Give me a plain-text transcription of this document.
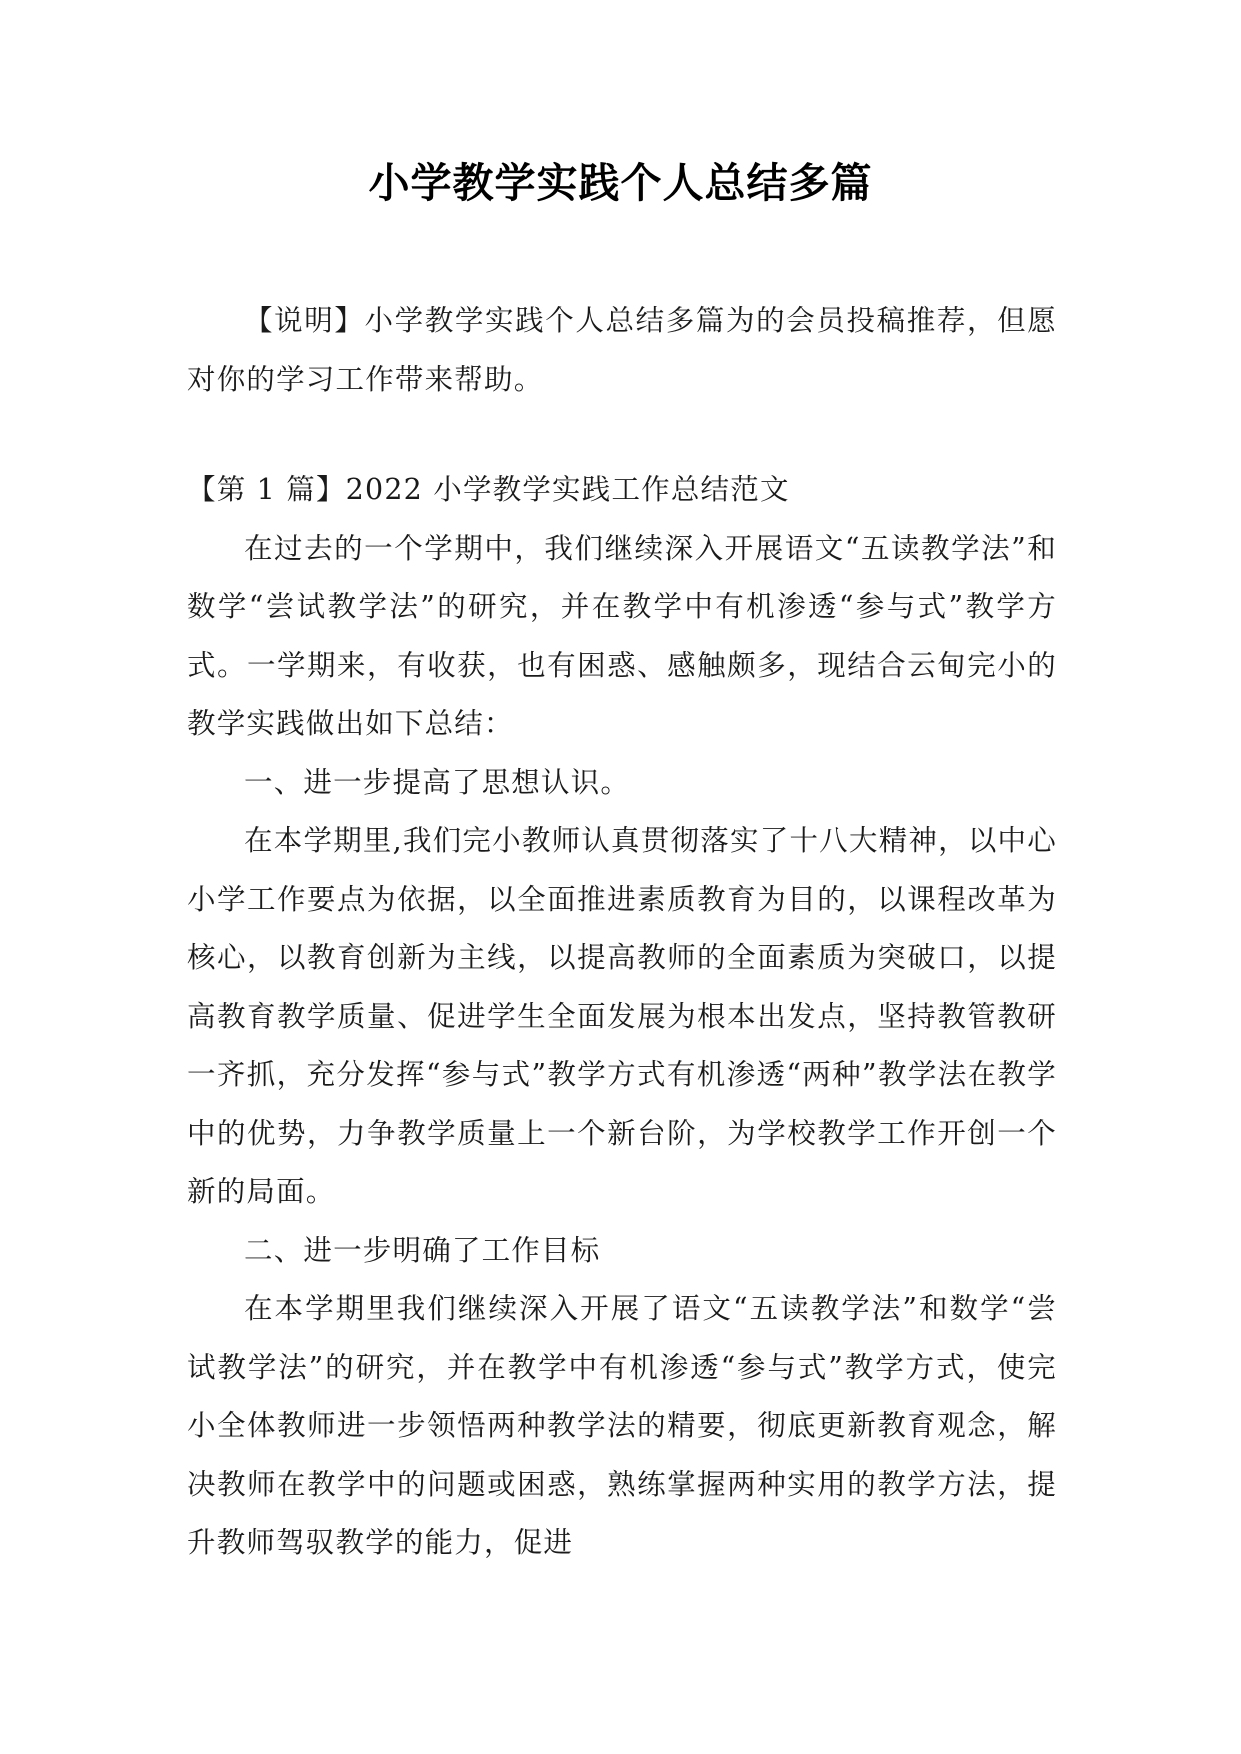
小学教学实践个人总结多篇

【说明】小学教学实践个人总结多篇为的会员投稿推荐，但愿对你的学习工作带来帮助。

【第 1 篇】2022 小学教学实践工作总结范文

在过去的一个学期中，我们继续深入开展语文“五读教学法”和数学“尝试教学法”的研究，并在教学中有机渗透“参与式”教学方式。一学期来，有收获，也有困惑、感触颇多，现结合云甸完小的教学实践做出如下总结：

一、进一步提高了思想认识。

在本学期里,我们完小教师认真贯彻落实了十八大精神，以中心小学工作要点为依据，以全面推进素质教育为目的，以课程改革为核心，以教育创新为主线，以提高教师的全面素质为突破口，以提高教育教学质量、促进学生全面发展为根本出发点，坚持教管教研一齐抓，充分发挥“参与式”教学方式有机渗透“两种”教学法在教学中的优势，力争教学质量上一个新台阶，为学校教学工作开创一个新的局面。

二、进一步明确了工作目标

在本学期里我们继续深入开展了语文“五读教学法”和数学“尝试教学法”的研究，并在教学中有机渗透“参与式”教学方式，使完小全体教师进一步领悟两种教学法的精要，彻底更新教育观念，解决教师在教学中的问题或困惑，熟练掌握两种实用的教学方法，提升教师驾驭教学的能力，促进
